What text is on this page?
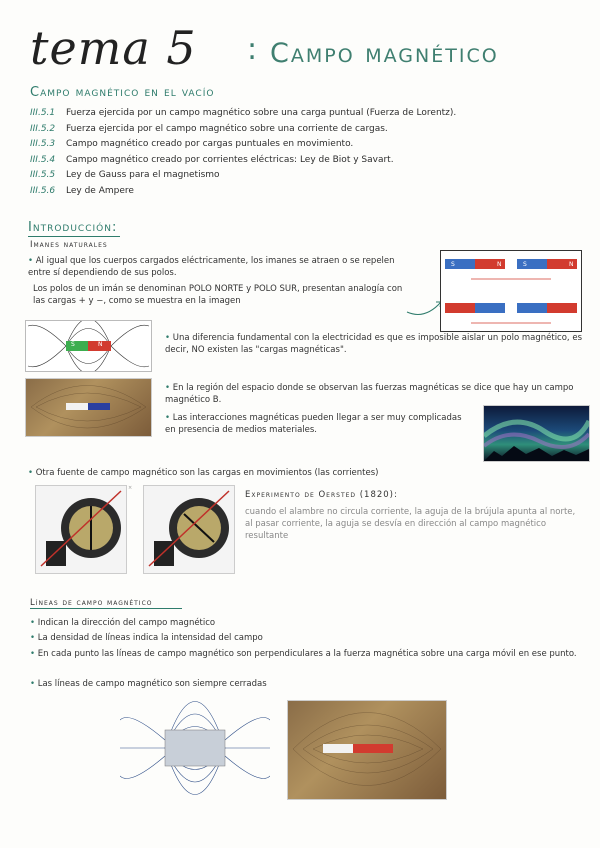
tema 5 : Campo magnético
Campo magnético en el vacío
III.5.1 Fuerza ejercida por un campo magnético sobre una carga puntual (Fuerza de Lorentz).
III.5.2 Fuerza ejercida por el campo magnético sobre una corriente de cargas.
III.5.3 Campo magnético creado por cargas puntuales en movimiento.
III.5.4 Campo magnético creado por corrientes eléctricas: Ley de Biot y Savart.
III.5.5 Ley de Gauss para el magnetismo
III.5.6 Ley de Ampere
Introducción:
Imanes naturales
• Al igual que los cuerpos cargados eléctricamente, los imanes se atraen o se repelen entre sí dependiendo de sus polos.
Los polos de un imán se denominan POLO NORTE y POLO SUR, presentan analogía con las cargas + y −, como se muestra en la imagen
S	N	S	N
S	N
• Una diferencia fundamental con la electricidad es que es imposible aislar un polo magnético, es decir, NO existen las "cargas magnéticas".
• En la región del espacio donde se observan las fuerzas magnéticas se dice que hay un campo magnético B.
• Las interacciones magnéticas pueden llegar a ser muy complicadas en presencia de medios materiales.
• Otra fuente de campo magnético son las cargas en movimientos (las corrientes)
×
Experimento de Oersted (1820):
cuando el alambre no circula corriente, la aguja de la brújula apunta al norte, al pasar corriente, la aguja se desvía en dirección al campo magnético resultante
Líneas de campo magnético
• Indican la dirección del campo magnético
• La densidad de líneas indica la intensidad del campo
• En cada punto las líneas de campo magnético son perpendiculares a la fuerza magnética sobre una carga móvil en ese punto.
• Las líneas de campo magnético son siempre cerradas
